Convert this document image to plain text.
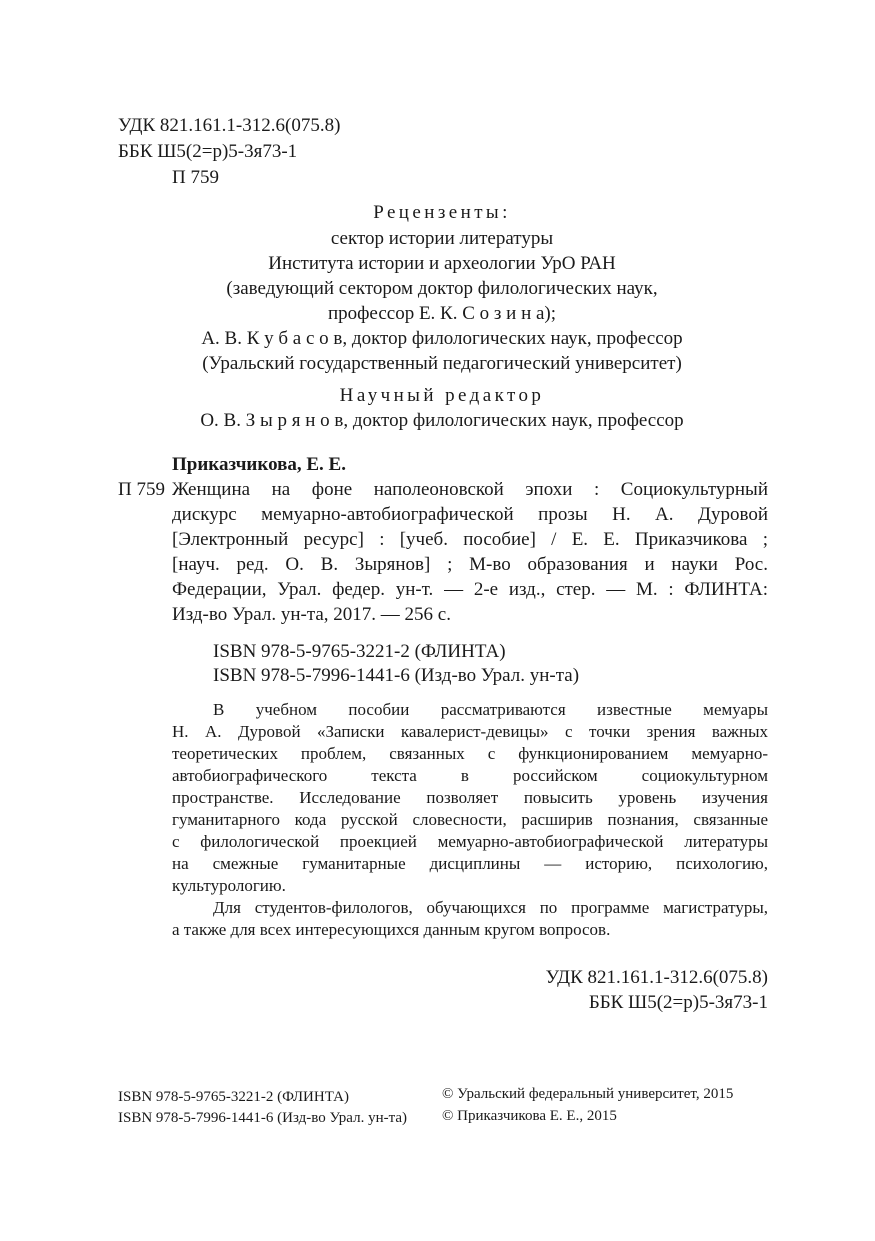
УДК 821.161.1-312.6(075.8)
ББК Ш5(2=р)5-3я73-1
П 759
Рецензенты:
сектор истории литературы
Института истории и археологии УрО РАН
(заведующий сектором доктор филологических наук,
профессор Е. К. С о з и н а);
А. В. К у б а с о в, доктор филологических наук, профессор
(Уральский государственный педагогический университет)
Научный редактор
О. В. З ы р я н о в, доктор филологических наук, профессор
Приказчикова, Е. Е.
П 759 Женщина на фоне наполеоновской эпохи : Социокультурный
дискурс мемуарно-автобиографической прозы Н. А. Дуровой
[Электронный ресурс] : [учеб. пособие] / Е. Е. Приказчикова ;
[науч. ред. О. В. Зырянов] ; М-во образования и науки Рос.
Федерации, Урал. федер. ун-т. — 2-е изд., стер. — М. : ФЛИНТА:
Изд-во Урал. ун-та, 2017. — 256 с.
ISBN 978-5-9765-3221-2 (ФЛИНТА)
ISBN 978-5-7996-1441-6 (Изд-во Урал. ун-та)
В учебном пособии рассматриваются известные мемуары
Н. А. Дуровой «Записки кавалерист-девицы» с точки зрения важных
теоретических проблем, связанных с функционированием мемуарно-
автобиографического текста в российском социокультурном
пространстве. Исследование позволяет повысить уровень изучения
гуманитарного кода русской словесности, расширив познания, связанные
с филологической проекцией мемуарно-автобиографической литературы
на смежные гуманитарные дисциплины — историю, психологию,
культурологию.
Для студентов-филологов, обучающихся по программе магистратуры,
а также для всех интересующихся данным кругом вопросов.
УДК 821.161.1-312.6(075.8)
ББК Ш5(2=р)5-3я73-1
ISBN 978-5-9765-3221-2 (ФЛИНТА)
ISBN 978-5-7996-1441-6 (Изд-во Урал. ун-та)
© Уральский федеральный университет, 2015
© Приказчикова Е. Е., 2015
